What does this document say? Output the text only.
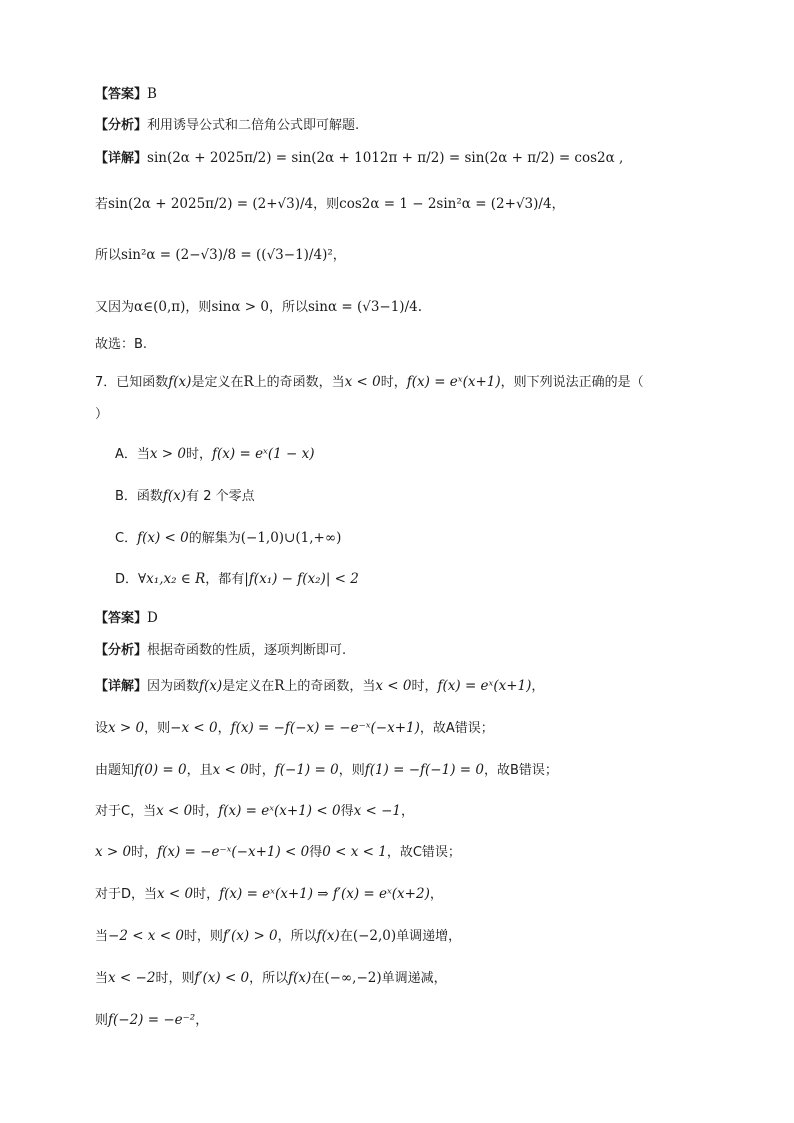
【答案】B
【分析】利用诱导公式和二倍角公式即可解题.
【详解】sin(2α + 2025π/2) = sin(2α + 1012π + π/2) = sin(2α + π/2) = cos2α ,
若sin(2α + 2025π/2) = (2+√3)/4，则cos2α = 1 − 2sin²α = (2+√3)/4，
所以sin²α = (2−√3)/8 = ((√3−1)/4)²，
又因为α∈(0,π)，则sinα > 0，所以sinα = (√3−1)/4.
故选：B.
7．已知函数f(x)是定义在R上的奇函数，当x < 0时，f(x) = eˣ(x+1)，则下列说法正确的是（
）
A．当x > 0时，f(x) = eˣ(1 − x)
B．函数f(x)有 2 个零点
C．f(x) < 0的解集为(−1,0)∪(1,+∞)
D．∀x₁,x₂ ∈ R，都有|f(x₁) − f(x₂)| < 2
【答案】D
【分析】根据奇函数的性质，逐项判断即可.
【详解】因为函数f(x)是定义在R上的奇函数，当x < 0时，f(x) = eˣ(x+1)，
设x > 0，则−x < 0，f(x) = −f(−x) = −e⁻ˣ(−x+1)，故A错误；
由题知f(0) = 0，且x < 0时，f(−1) = 0，则f(1) = −f(−1) = 0，故B错误；
对于C，当x < 0时，f(x) = eˣ(x+1) < 0得x < −1，
x > 0时，f(x) = −e⁻ˣ(−x+1) < 0得0 < x < 1，故C错误；
对于D，当x < 0时，f(x) = eˣ(x+1) ⇒ f′(x) = eˣ(x+2)，
当−2 < x < 0时，则f′(x) > 0，所以f(x)在(−2,0)单调递增，
当x < −2时，则f′(x) < 0，所以f(x)在(−∞,−2)单调递减，
则f(−2) = −e⁻²，
